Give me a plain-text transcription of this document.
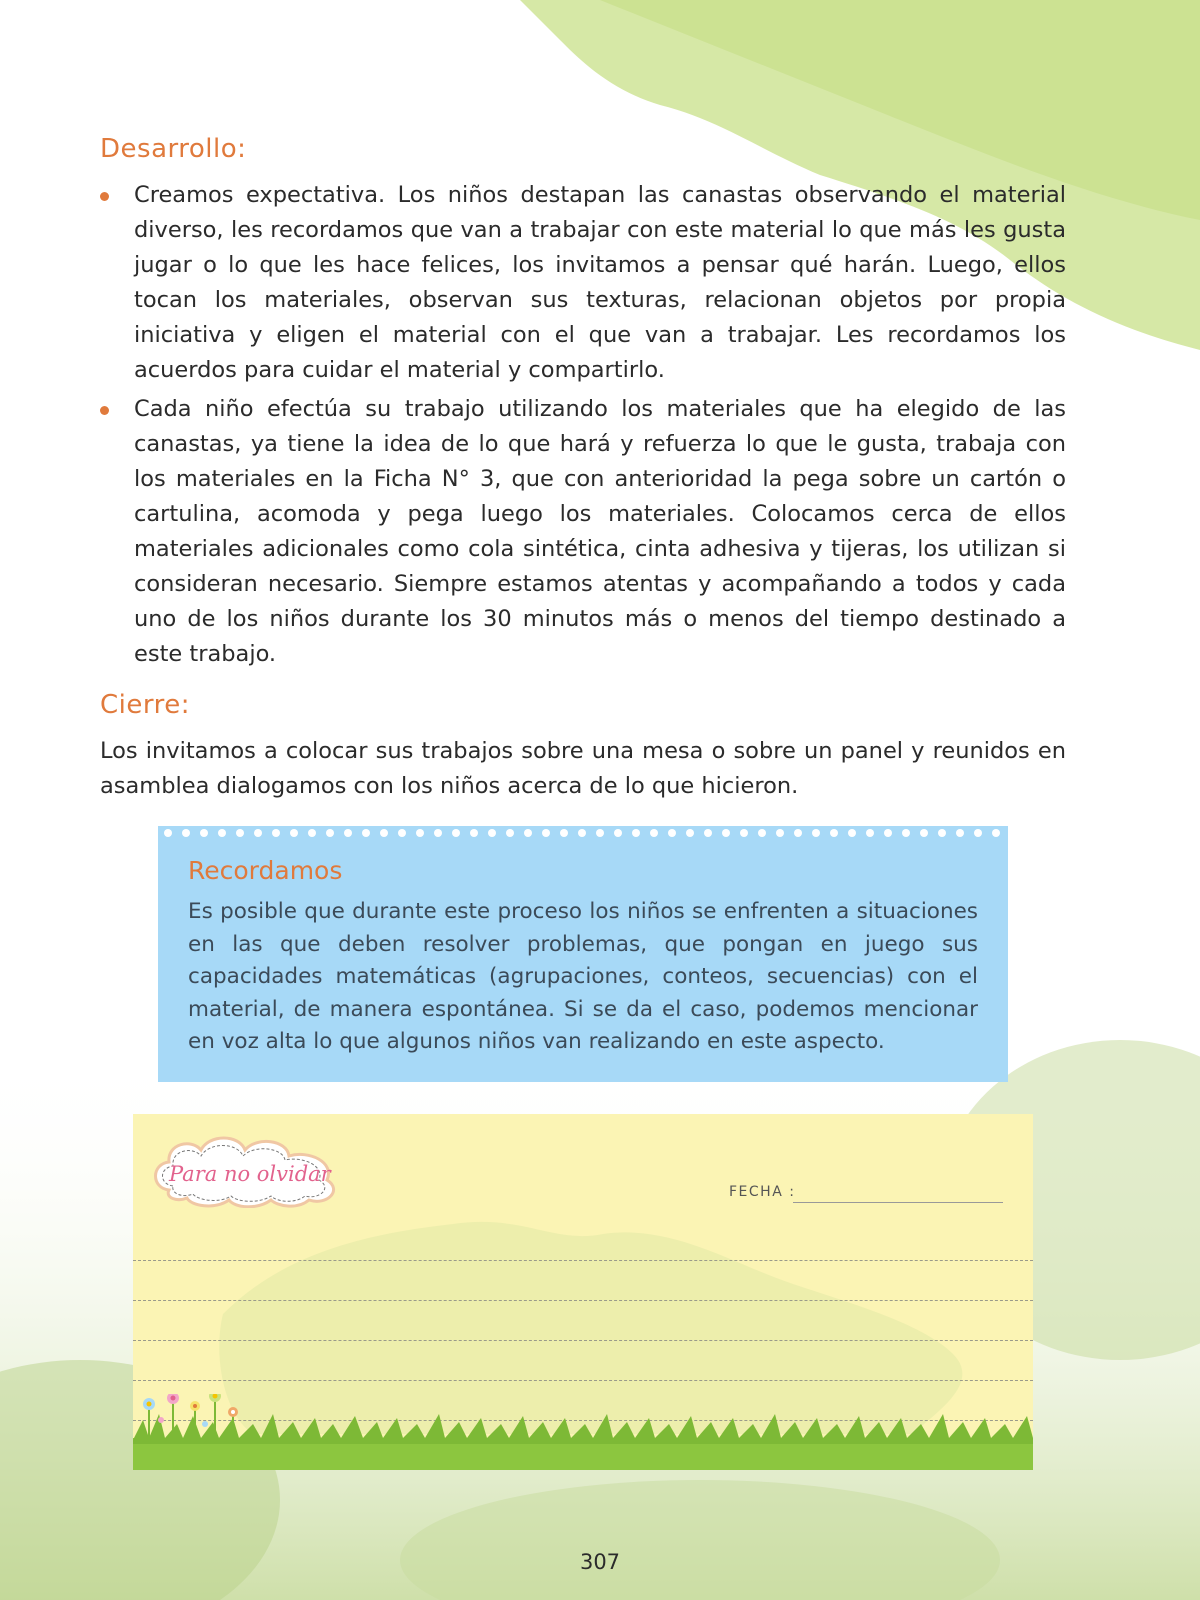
Desarrollo:
Creamos expectativa. Los niños destapan las canastas observando el material diverso, les recordamos que van a trabajar con este material lo que más les gusta jugar o lo que les hace felices, los invitamos a pensar qué harán. Luego, ellos tocan los materiales, observan sus texturas, relacionan objetos por propia iniciativa y eligen el material con el que van a trabajar. Les recordamos los acuerdos para cuidar el material y compartirlo.
Cada niño efectúa su trabajo utilizando los materiales que ha elegido de las canastas, ya tiene la idea de lo que hará y refuerza lo que le gusta, trabaja con los materiales en la Ficha N° 3, que con anterioridad la pega sobre un cartón o cartulina, acomoda y pega luego los materiales. Colocamos cerca de ellos materiales adicionales como cola sintética, cinta adhesiva y tijeras, los utilizan si consideran necesario. Siempre estamos atentas y acompañando a todos y cada uno de los niños durante los 30 minutos más o menos del tiempo destinado a este trabajo.
Cierre:

Los invitamos a colocar sus trabajos sobre una mesa o sobre un panel y reunidos en asamblea dialogamos con los niños acerca de lo que hicieron.

Recordamos

Es posible que durante este proceso los niños se enfrenten a situaciones en las que deben resolver problemas, que pongan en juego sus capacidades matemáticas (agrupaciones, conteos, secuencias) con el material, de manera espontánea. Si se da el caso, podemos mencionar en voz alta lo que algunos niños van realizando en este aspecto.

Para no olvidar

FECHA :
307
